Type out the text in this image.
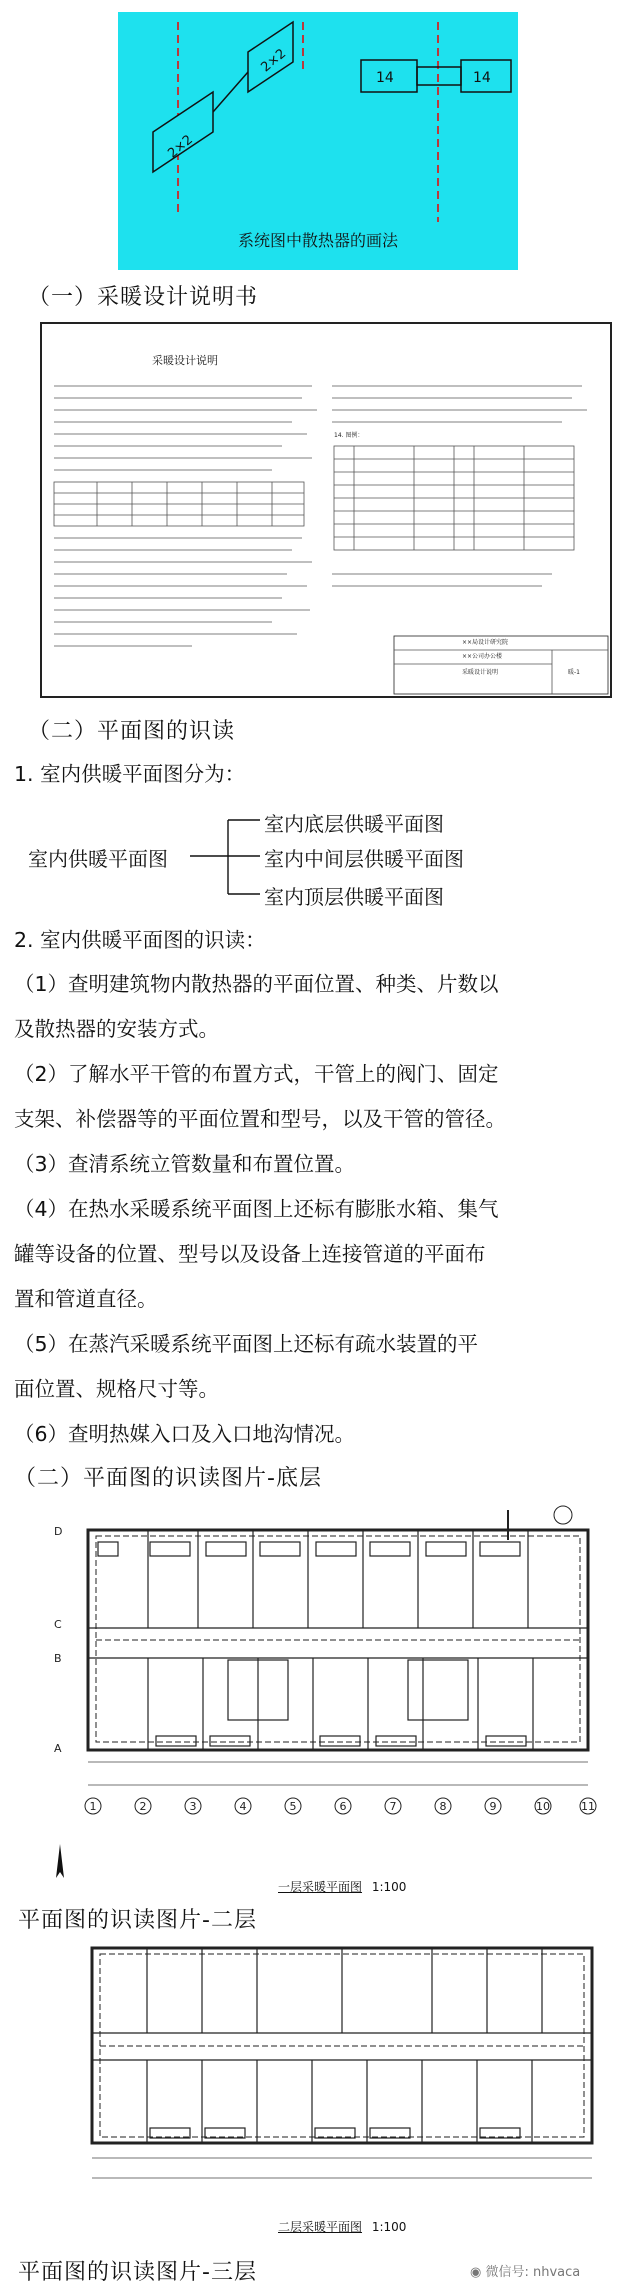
2×2
2×2
14	14
系统图中散热器的画法
（一）采暖设计说明书
采暖设计说明
14. 图例：
××局设计研究院
××公司办公楼
采暖设计说明	暖-1
（二）平面图的识读
1. 室内供暖平面图分为：
室内供暖平面图
室内底层供暖平面图
室内中间层供暖平面图
室内顶层供暖平面图
2. 室内供暖平面图的识读：
（1）查明建筑物内散热器的平面位置、种类、片数以
及散热器的安装方式。
（2）了解水平干管的布置方式，干管上的阀门、固定
支架、补偿器等的平面位置和型号，以及干管的管径。
（3）查清系统立管数量和布置位置。
（4）在热水采暖系统平面图上还标有膨胀水箱、集气
罐等设备的位置、型号以及设备上连接管道的平面布
置和管道直径。
（5）在蒸汽采暖系统平面图上还标有疏水装置的平
面位置、规格尺寸等。
（6）查明热媒入口及入口地沟情况。
（二）平面图的识读图片-底层
D
C
B
A
1	2	3	4	5	6	7	8	9	10	11
一层采暖平面图 1:100
平面图的识读图片-二层
二层采暖平面图 1:100
平面图的识读图片-三层	◉ 微信号: nhvaca
